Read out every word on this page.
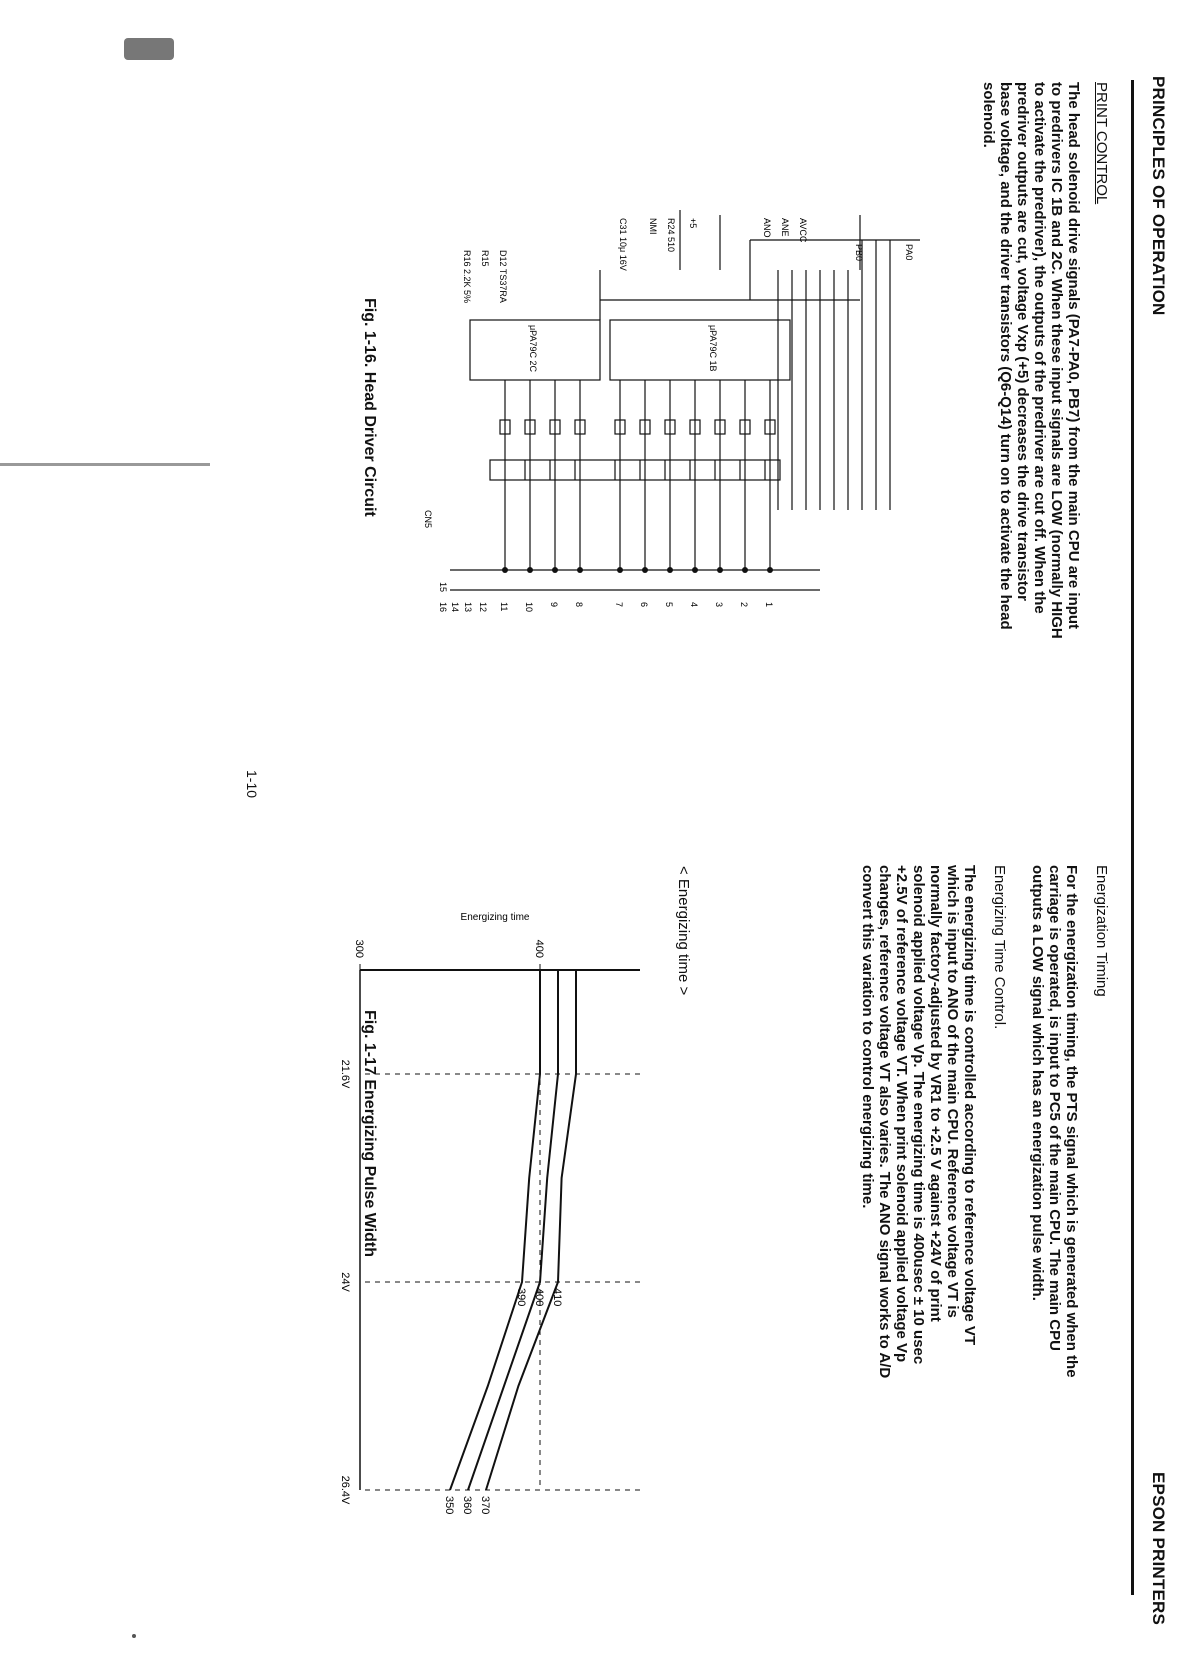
PRINCIPLES OF OPERATION
EPSON PRINTERS
PRINT CONTROL
The head solenoid drive signals (PA7-PA0, PB7) from the main CPU are input
to predrivers IC 1B and 2C. When these input signals are LOW (normally HIGH
to activate the predriver), the outputs of the predriver are cut off. When the
predriver outputs are cut, voltage Vxp (+5) decreases the drive transistor
base voltage, and the driver transistors (Q6-Q14) turn on to activate the head
solenoid.
PA0
PB0
μPA79C 1B
μPA79C 2C
CN5
AVCC
ANE
ANO
+5
R24 510
NMI
C31 10μ 16V
D12 TS37RA
R15
R16 2.2K 5%
1
2
3
4
5
6
7
8
9
10
11
12
13
14
15
16
Fig. 1-16. Head Driver Circuit
1-10
Energization Timing
For the energization timing, the PTS signal which is generated when the
carriage is operated, is input to PC5 of the main CPU. The main CPU
outputs a LOW signal which has an energization pulse width.
Energizing Time Control.
The energizing time is controlled according to reference voltage VT
which is input to ANO of the main CPU. Reference voltage VT is
normally factory-adjusted by VR1 to +2.5 V against +24V of print
solenoid applied voltage Vp. The energizing time is 400usec ± 10 usec
+2.5V of reference voltage VT. When print solenoid applied voltage Vp
changes, reference voltage VT also varies. The ANO signal works to A/D
convert this variation to control energizing time.
< Energizing time >
300	400
21.6V
24V
26.4V
410
400
390
370
360
350
Energizing time
Fig. 1-17 Energizing Pulse Width
